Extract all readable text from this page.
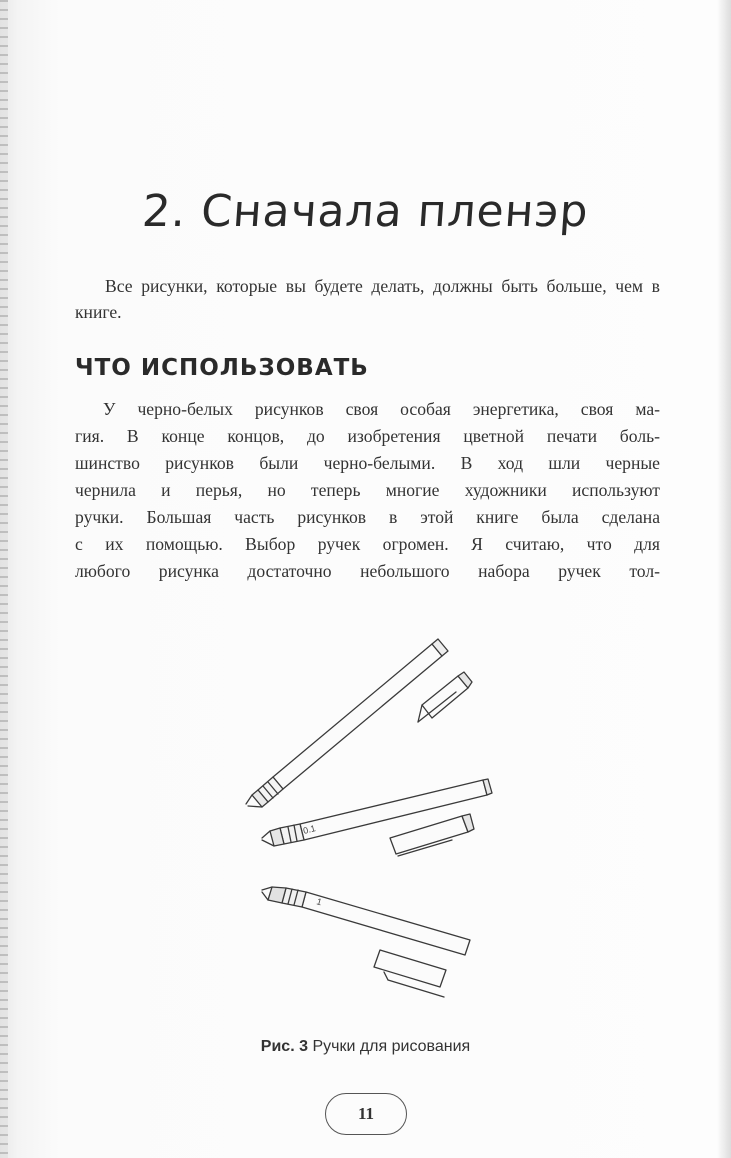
2. Сначала пленэр
Все рисунки, которые вы будете делать, должны быть больше, чем в книге.
ЧТО ИСПОЛЬЗОВАТЬ
У черно-белых рисунков своя особая энергетика, своя ма-
гия. В конце концов, до изобретения цветной печати боль-
шинство рисунков были черно-белыми. В ход шли черные
чернила и перья, но теперь многие художники используют
ручки. Большая часть рисунков в этой книге была сделана
с их помощью. Выбор ручек огромен. Я считаю, что для
любого рисунка достаточно небольшого набора ручек тол-
0.1
1
Рис. 3 Ручки для рисования
11
